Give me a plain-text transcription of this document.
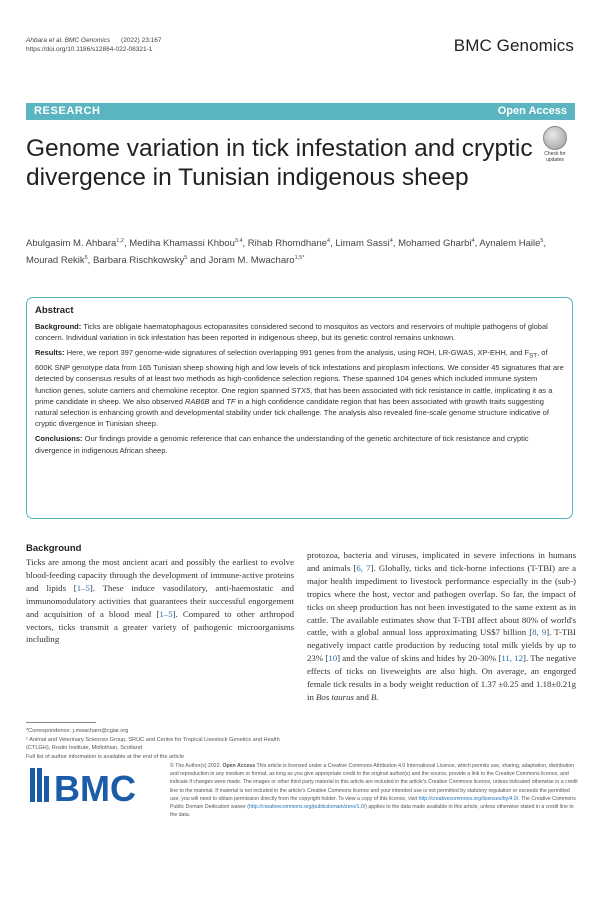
Ahbara et al. BMC Genomics (2022) 23:167
https://doi.org/10.1186/s12864-022-08321-1	BMC Genomics
RESEARCH	Open Access
Check for updates
Genome variation in tick infestation and cryptic divergence in Tunisian indigenous sheep
Abulgasim M. Ahbara$^{1,2}$, Mediha Khamassi Khbou$^{3,4}$, Rihab Rhomdhane$^4$, Limam Sassi$^4$, Mohamed Gharbi$^4$, Aynalem Haile$^5$, Mourad Rekik$^5$, Barbara Rischkowsky$^5$ and Joram M. Mwacharo$^{1,5*}$
Abstract

Background: Ticks are obligate haematophagous ectoparasites considered second to mosquitos as vectors and reservoirs of multiple pathogens of global concern. Individual variation in tick infestation has been reported in indigenous sheep, but its genetic control remains unknown.

Results: Here, we report 397 genome-wide signatures of selection overlapping 991 genes from the analysis, using ROH, LR-GWAS, XP-EHH, and $F_{ST}$, of 600K SNP genotype data from 165 Tunisian sheep showing high and low levels of tick infestations and piroplasm infections. We consider 45 signatures that are detected by consensus results of at least two methods as high-confidence selection regions. These spanned 104 genes which included immune system function genes, solute carriers and chemokine receptor. One region spanned STX5, that has been associated with tick resistance in cattle, implicating it as a prime candidate in sheep. We also observed RAB6B and TF in a high confidence candidate region that has been associated with growth traits suggesting natural selection is enhancing growth and developmental stability under tick challenge. The analysis also revealed fine-scale genome structure indicative of cryptic divergence in Tunisian sheep.

Conclusions: Our findings provide a genomic reference that can enhance the understanding of the genetic architecture of tick resistance and cryptic divergence in indigenous African sheep.

Background

Ticks are among the most ancient acari and possibly the earliest to evolve blood-feeding capacity through the development of immune-active proteins and lipids [1–5]. These induce vasodilatory, anti-haemostatic and immunomodulatory activities that guarantees their successful engorgement and acquisition of a blood meal [1–5]. Compared to other arthropod vectors, ticks transmit a greater variety of pathogenic microorganisms including

protozoa, bacteria and viruses, implicated in severe infections in humans and animals [6, 7]. Globally, ticks and tick-borne infections (T-TBI) are a major health impediment to livestock performance especially in the (sub-) tropics where the host, vector and pathogen overlap. So far, the impact of ticks on sheep production has not been investigated to the same extent as in cattle. The available estimates show that T-TBI affect about 80% of world's cattle, with a global annual loss approximating US$7 billion [8, 9]. T-TBI negatively impact cattle production by reducing total milk yields by up to 23% [10] and the value of skins and hides by 20-30% [11, 12]. The negative effects of ticks on liveweights are also high. On average, an engorged female tick results in a body weight reduction of 1.37 ±0.25 and 1.18±0.21g in Bos taurus and B.

*Correspondence: j.mwacharo@cgiar.org
¹ Animal and Veterinary Sciences Group, SRUC and Centre for Tropical Livestock Genetics and Health (CTLGH), Roslin Institute, Midlothian, Scotland
Full list of author information is available at the end of the article
BMC
© The Author(s) 2022. Open Access This article is licensed under a Creative Commons Attribution 4.0 International License, which permits use, sharing, adaptation, distribution and reproduction in any medium or format, as long as you give appropriate credit to the original author(s) and the source, provide a link to the Creative Commons licence, and indicate if changes were made. The images or other third party material in this article are included in the article's Creative Commons licence, unless indicated otherwise in a credit line to the material. If material is not included in the article's Creative Commons licence and your intended use is not permitted by statutory regulation or exceeds the permitted use, you will need to obtain permission directly from the copyright holder. To view a copy of this licence, visit http://creativecommons.org/licenses/by/4.0/. The Creative Commons Public Domain Dedication waiver (http://creativecommons.org/publicdomain/zero/1.0/) applies to the data made available in this article, unless otherwise stated in a credit line to the data.
